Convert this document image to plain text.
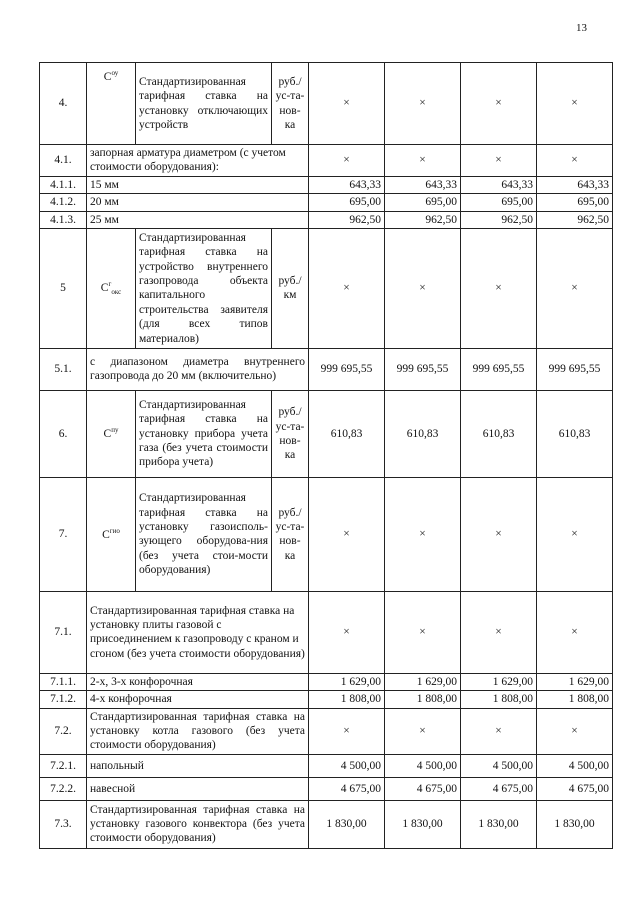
13
4.	$С^{оу}$	Стандартизированная тарифная ставка на установку отключающих устройств	руб./ус-та-нов-ка	×	×	×	×
4.1.	запорная арматура диаметром (с учетом стоимости оборудования):			×	×	×	×
4.1.1.	15 мм			643,33	643,33	643,33	643,33
4.1.2.	20 мм			695,00	695,00	695,00	695,00
4.1.3.	25 мм			962,50	962,50	962,50	962,50
5	$С^г_{окс}$	Стандартизированная тарифная ставка на устройство внутреннего газопровода объекта капитального строительства заявителя (для всех типов материалов)	руб./км	×	×	×	×
5.1.	с диапазоном диаметра внутреннего газопровода до 20 мм (включительно)			999 695,55	999 695,55	999 695,55	999 695,55
6.	$С^{пу}$	Стандартизированная тарифная ставка на установку прибора учета газа (без учета стоимости прибора учета)	руб./ус-та-нов-ка	610,83	610,83	610,83	610,83
7.	$С^{гио}$	Стандартизированная тарифная ставка на установку газоисполь-зующего оборудова-ния (без учета стои-мости оборудования)	руб./ус-та-нов-ка	×	×	×	×
7.1.	Стандартизированная тарифная ставка на установку плиты газовой с присоединением к газопроводу с краном и сгоном (без учета стоимости оборудования)			×	×	×	×
7.1.1.	2-х, 3-х конфорочная			1 629,00	1 629,00	1 629,00	1 629,00
7.1.2.	4-х конфорочная			1 808,00	1 808,00	1 808,00	1 808,00
7.2.	Стандартизированная тарифная ставка на установку котла газового (без учета стоимости оборудования)			×	×	×	×
7.2.1.	напольный			4 500,00	4 500,00	4 500,00	4 500,00
7.2.2.	навесной			4 675,00	4 675,00	4 675,00	4 675,00
7.3.	Стандартизированная тарифная ставка на установку газового конвектора (без учета стоимости оборудования)			1 830,00	1 830,00	1 830,00	1 830,00
